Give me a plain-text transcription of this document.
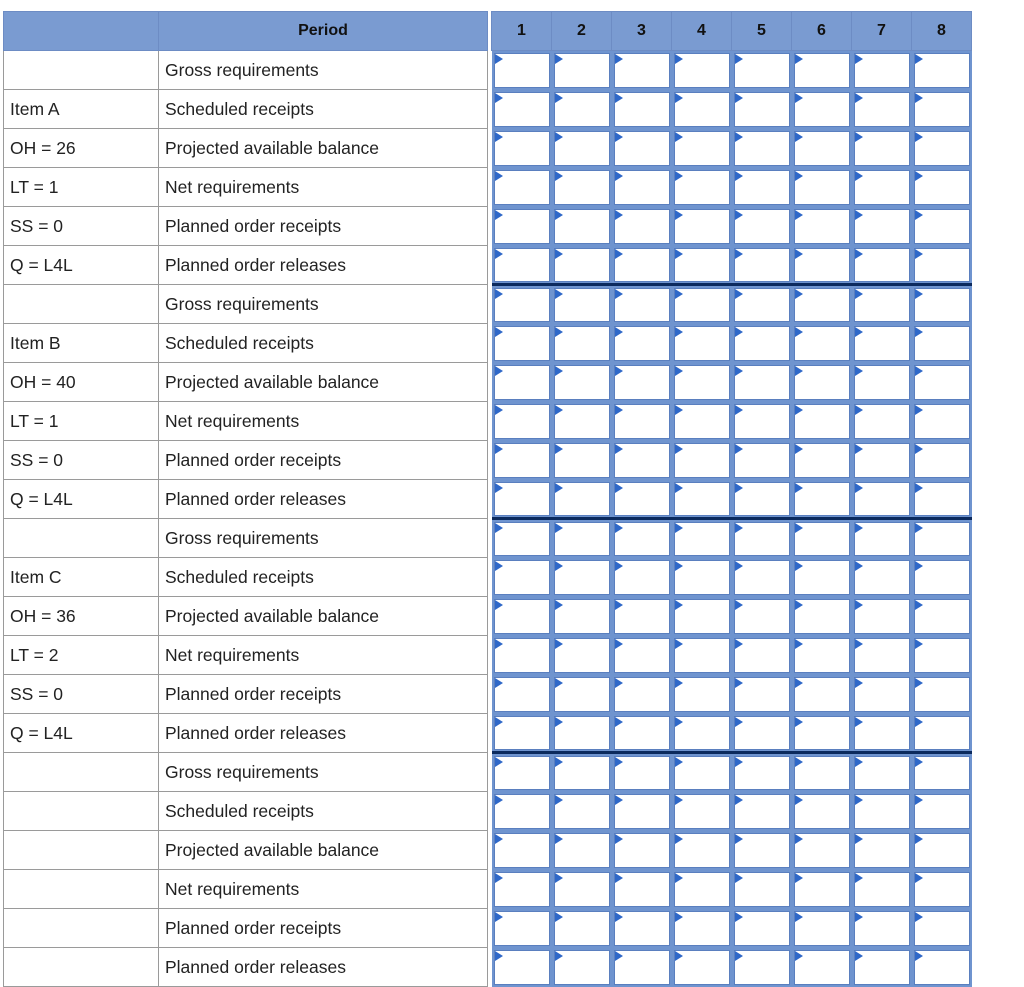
	Period		1	2	3	4	5	6	7	8
	Gross requirements		

Item A	Scheduled receipts		

OH = 26	Projected available balance		

LT = 1	Net requirements		

SS = 0	Planned order receipts		

Q = L4L	Planned order releases		

	Gross requirements		

Item B	Scheduled receipts		

OH = 40	Projected available balance		

LT = 1	Net requirements		

SS = 0	Planned order receipts		

Q = L4L	Planned order releases		

	Gross requirements		

Item C	Scheduled receipts		

OH = 36	Projected available balance		

LT = 2	Net requirements		

SS = 0	Planned order receipts		

Q = L4L	Planned order releases		

	Gross requirements		

	Scheduled receipts		

	Projected available balance		

	Net requirements		

	Planned order receipts		

	Planned order releases		
